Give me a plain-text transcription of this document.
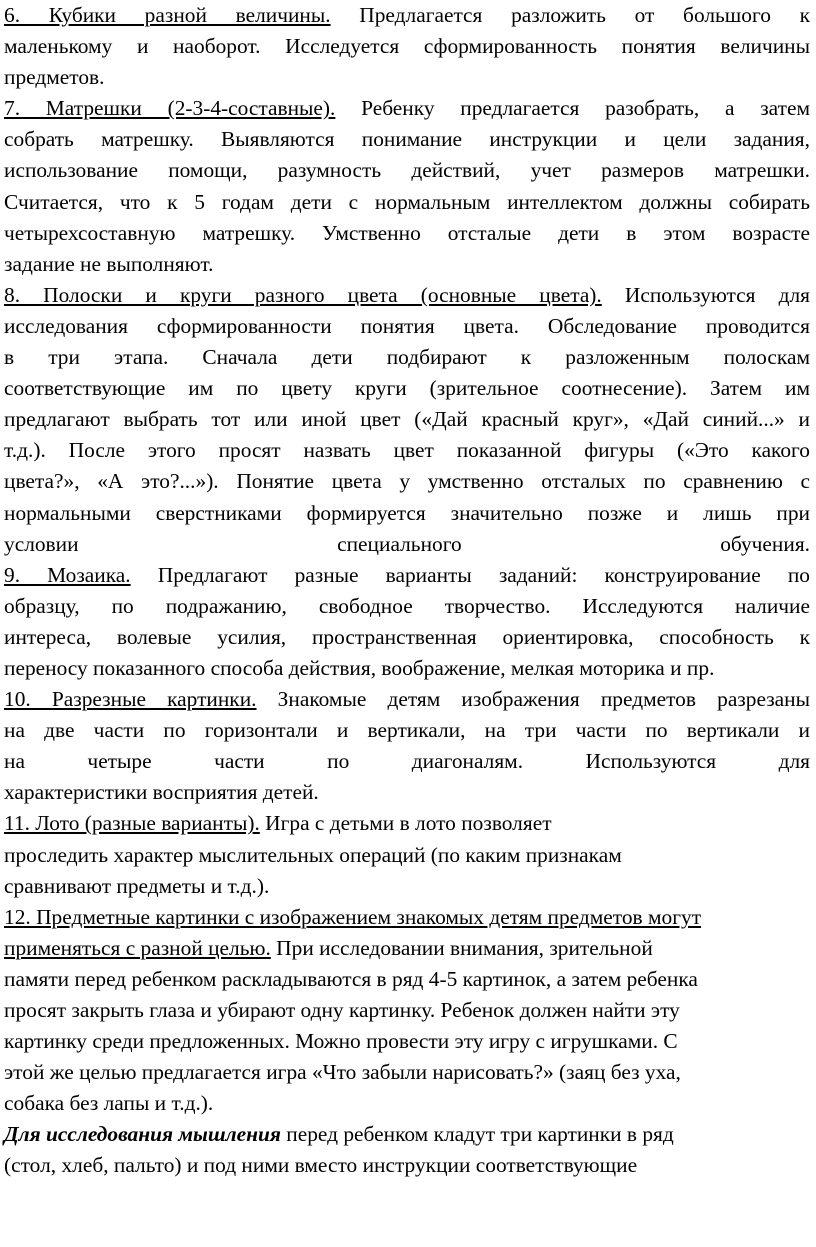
6. Кубики разной величины. Предлагается разложить от большого к
маленькому и наоборот. Исследуется сформированность понятия величины
предметов.
7. Матрешки (2-3-4-составные). Ребенку предлагается разобрать, а затем
собрать матрешку. Выявляются понимание инструкции и цели задания,
использование помощи, разумность действий, учет размеров матрешки.
Считается, что к 5 годам дети с нормальным интеллектом должны собирать
четырехсоставную матрешку. Умственно отсталые дети в этом возрасте
задание не выполняют.
8. Полоски и круги разного цвета (основные цвета). Используются для
исследования сформированности понятия цвета. Обследование проводится
в три этапа. Сначала дети подбирают к разложенным полоскам
соответствующие им по цвету круги (зрительное соотнесение). Затем им
предлагают выбрать тот или иной цвет («Дай красный круг», «Дай синий...» и
т.д.). После этого просят назвать цвет показанной фигуры («Это какого
цвета?», «А это?...»). Понятие цвета у умственно отсталых по сравнению с
нормальными сверстниками формируется значительно позже и лишь при
условии специального обучения.
9. Мозаика. Предлагают разные варианты заданий: конструирование по
образцу, по подражанию, свободное творчество. Исследуются наличие
интереса, волевые усилия, пространственная ориентировка, способность к
переносу показанного способа действия, воображение, мелкая моторика и пр.
10. Разрезные картинки. Знакомые детям изображения предметов разрезаны
на две части по горизонтали и вертикали, на три части по вертикали и
на четыре части по диагоналям. Используются для
характеристики восприятия детей.
11. Лото (разные варианты). Игра с детьми в лото позволяет
проследить характер мыслительных операций (по каким признакам
сравнивают предметы и т.д.).
12. Предметные картинки с изображением знакомых детям предметов могут
применяться с разной целью. При исследовании внимания, зрительной
памяти перед ребенком раскладываются в ряд 4-5 картинок, а затем ребенка
просят закрыть глаза и убирают одну картинку. Ребенок должен найти эту
картинку среди предложенных. Можно провести эту игру с игрушками. С
этой же целью предлагается игра «Что забыли нарисовать?» (заяц без уха,
собака без лапы и т.д.).
Для исследования мышления перед ребенком кладут три картинки в ряд
(стол, хлеб, пальто) и под ними вместо инструкции соответствующие
